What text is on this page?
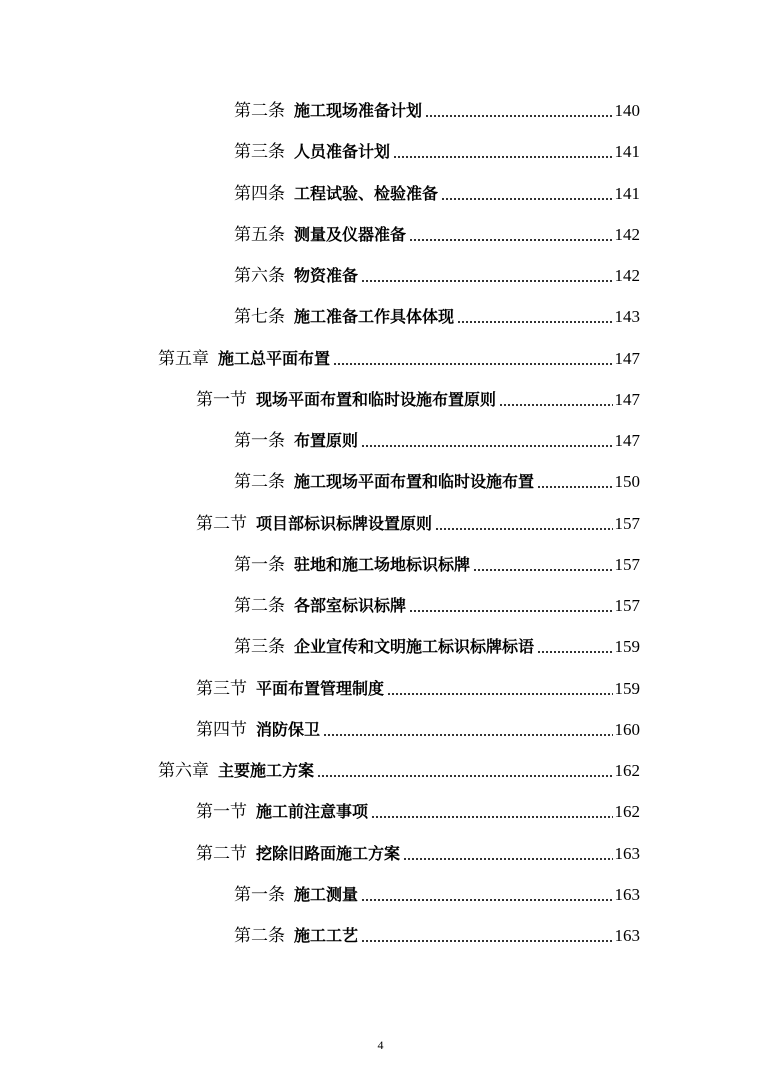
第二条 施工现场准备计划	140
第三条 人员准备计划	141
第四条 工程试验、检验准备	141
第五条 测量及仪器准备	142
第六条 物资准备	142
第七条 施工准备工作具体体现	143
第五章 施工总平面布置	147
第一节 现场平面布置和临时设施布置原则	147
第一条 布置原则	147
第二条 施工现场平面布置和临时设施布置	150
第二节 项目部标识标牌设置原则	157
第一条 驻地和施工场地标识标牌	157
第二条 各部室标识标牌	157
第三条 企业宣传和文明施工标识标牌标语	159
第三节 平面布置管理制度	159
第四节 消防保卫	160
第六章 主要施工方案	162
第一节 施工前注意事项	162
第二节 挖除旧路面施工方案	163
第一条 施工测量	163
第二条 施工工艺	163
4
